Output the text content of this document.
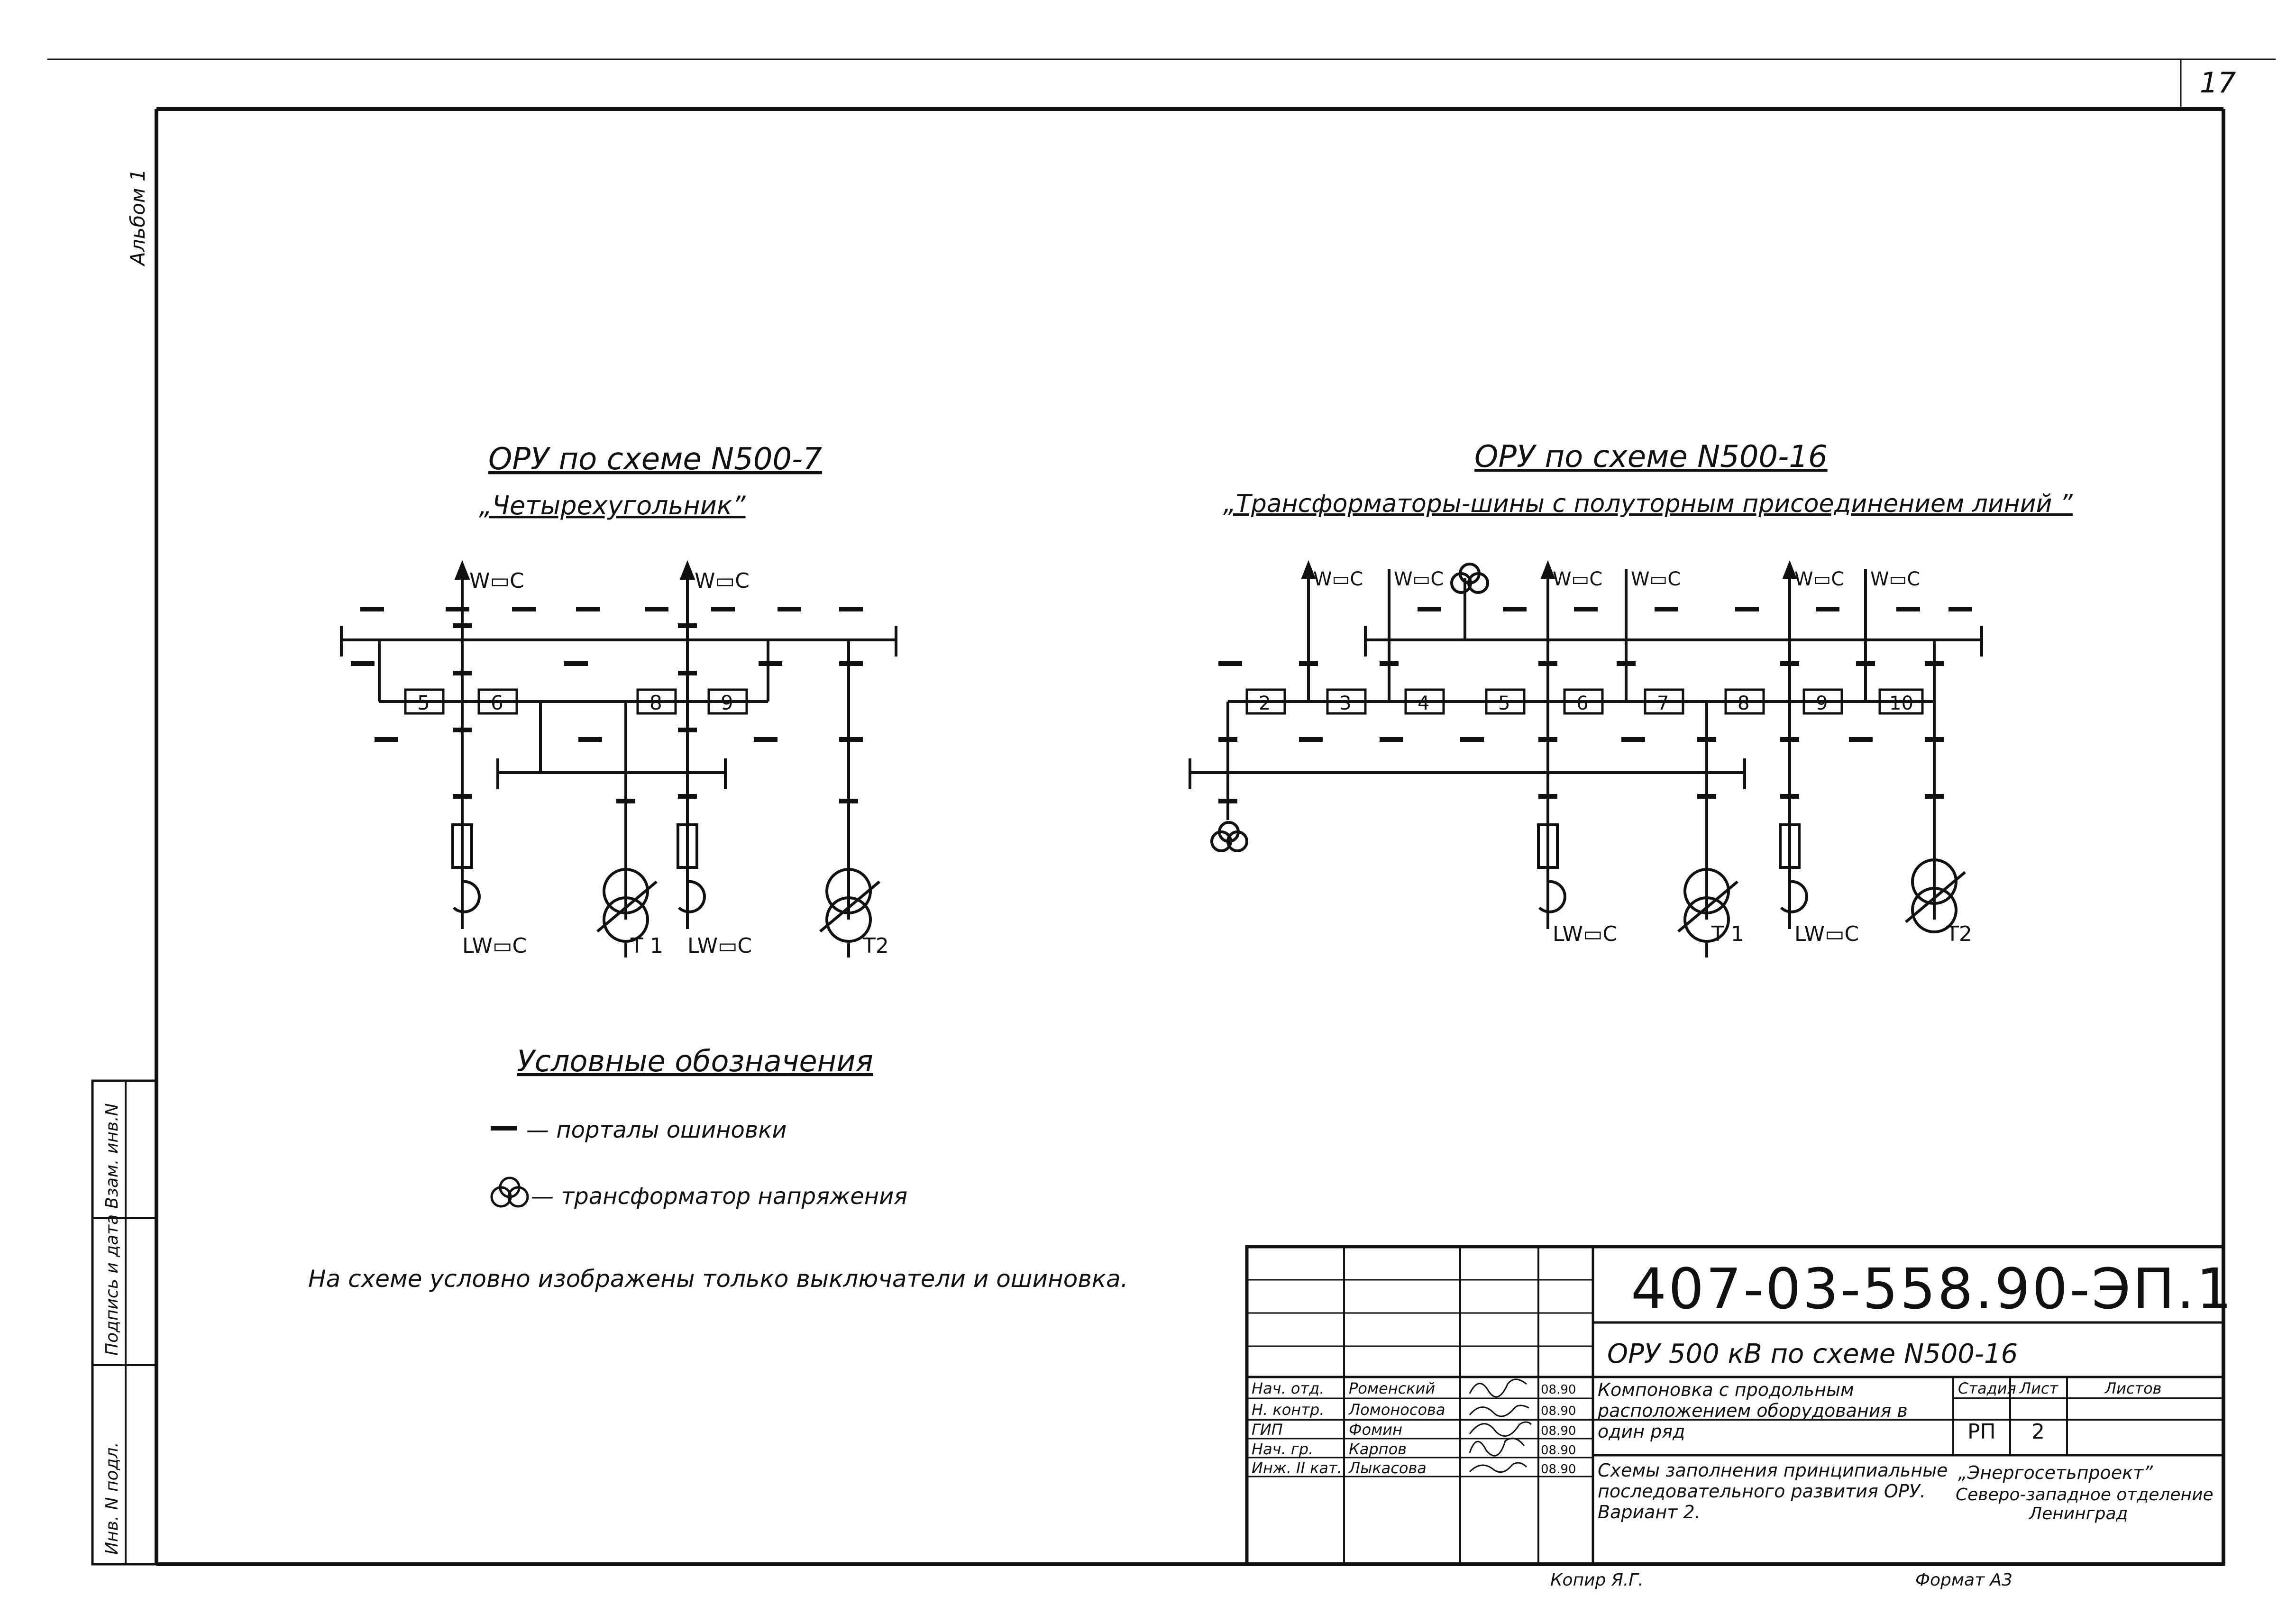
17
Альбом 1
Инв. N подл.
Подпись и дата
Взам. инв.N
ОРУ по схеме N500-7
„Четырехугольник”
5	6	8	9
W▭C	W▭C
LW▭C	LW▭C
T 1	T2
ОРУ по схеме N500-16
„Трансформаторы-шины с полуторным присоединением линий ”
2	3	4	5	6	7	8	9	10
W▭C W▭C	W▭C W▭C	W▭C W▭C
LW▭C	T 1 LW▭C	T2
Условные обозначения
— порталы ошиновки
— трансформатор напряжения
На схеме условно изображены только выключатели и ошиновка.	407-03-558.90-ЭП.1
ОРУ 500 кВ по схеме N500-16
Нач. отд. Роменский	08.90
Н. контр. Ломоносова	08.90
ГИП	Фомин	08.90
Нач. гр. Карпов	08.90
Инж. II кат. Лыкасова	08.90
Компоновка с продольным расположением оборудования в один ряд
Схемы заполнения принципиальные последовательного развития ОРУ. Вариант 2.
Стадия Лист	Листов
РП 2
„Энергосетьпроект”
Северо-западное отделение
Ленинград
Копир Я.Г.	Формат А3
